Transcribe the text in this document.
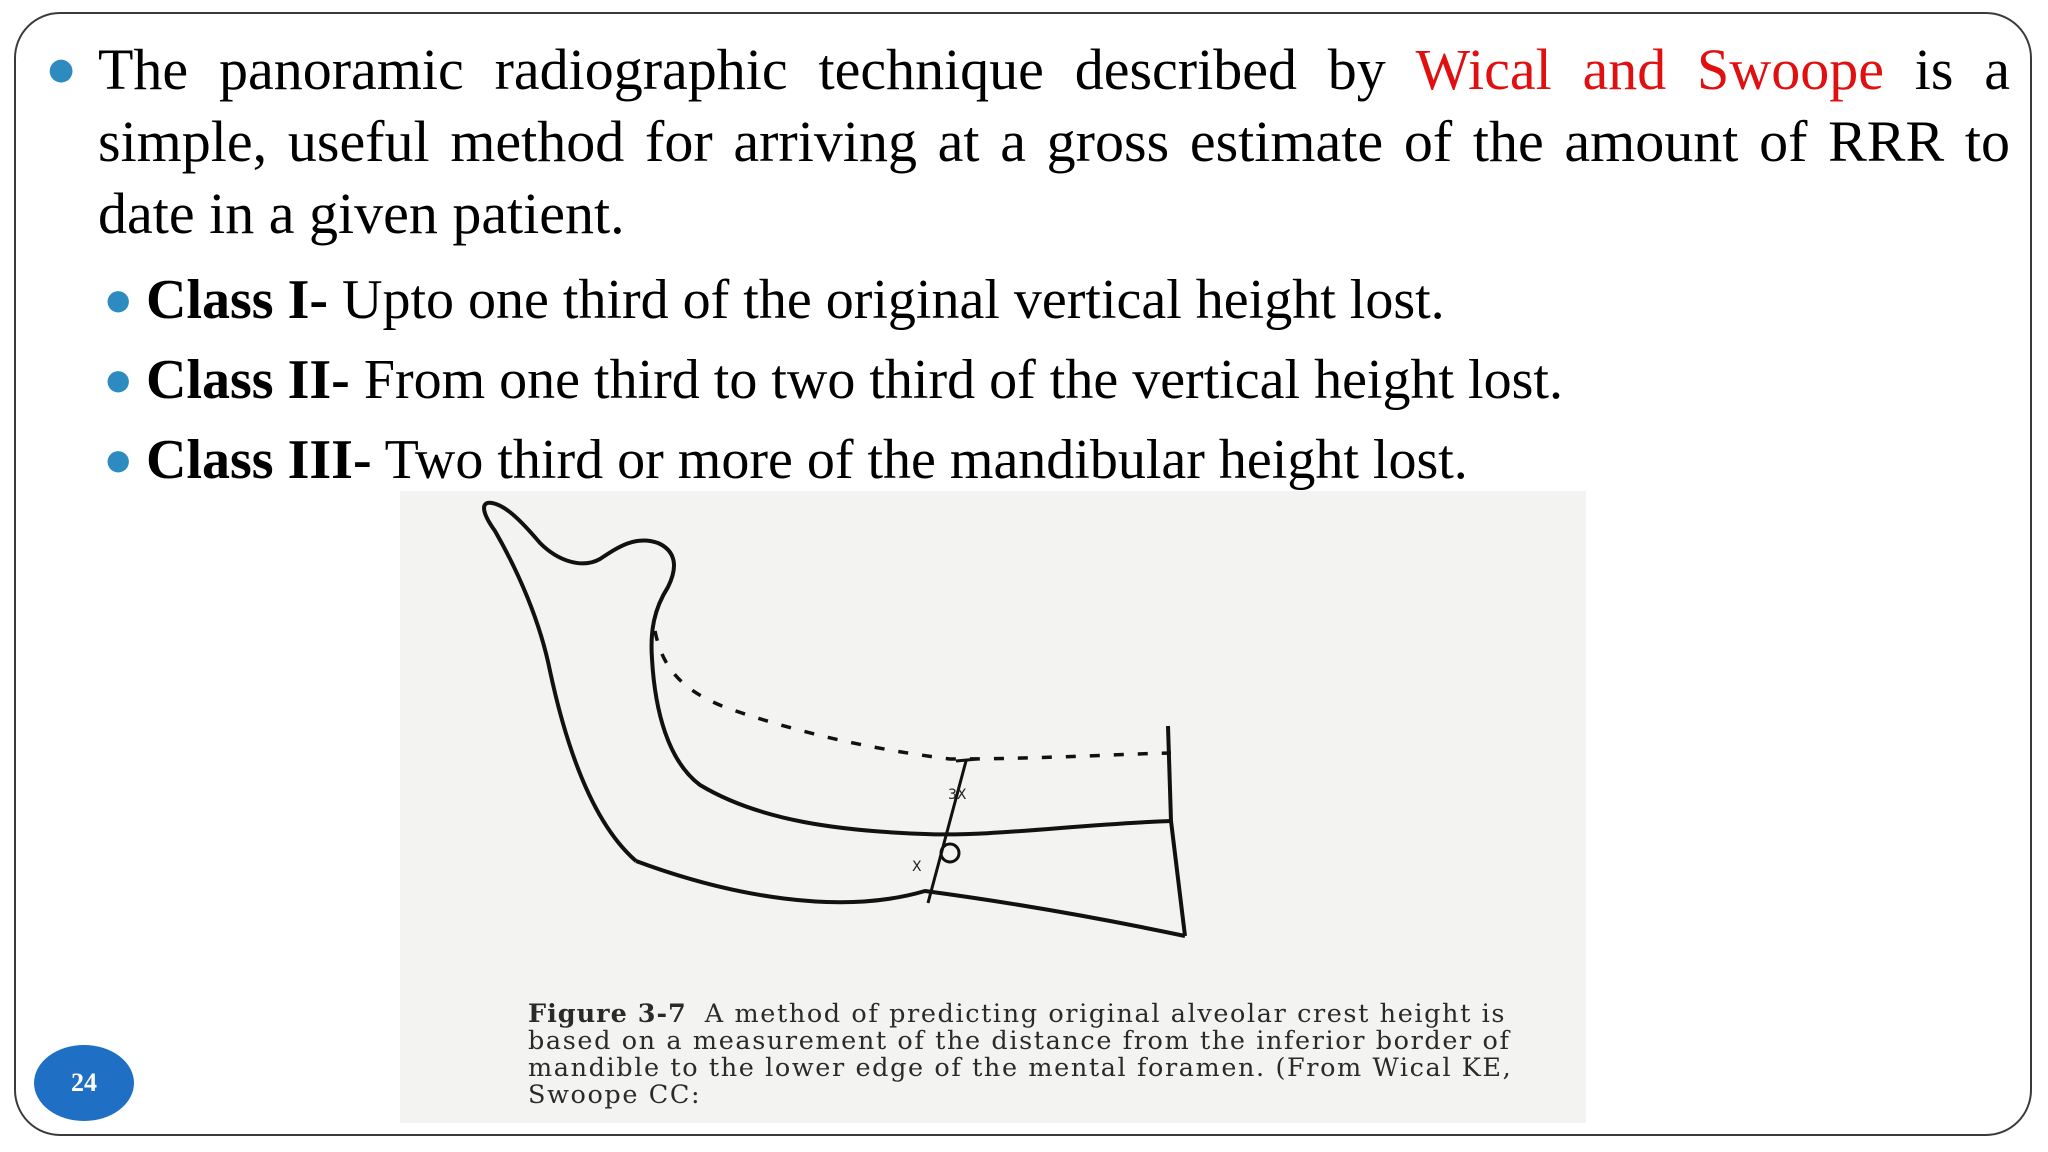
● The panoramic radiographic technique described by Wical and Swoope is a simple, useful method for arriving at a gross estimate of the amount of RRR to date in a given patient.
● Class I- Upto one third of the original vertical height lost.
● Class II- From one third to two third of the vertical height lost.
● Class III- Two third or more of the mandibular height lost.
3X
X
Figure 3-7 A method of predicting original alveolar crest height is based on a measurement of the distance from the inferior border of mandible to the lower edge of the mental foramen. (From Wical KE, Swoope CC:
24
